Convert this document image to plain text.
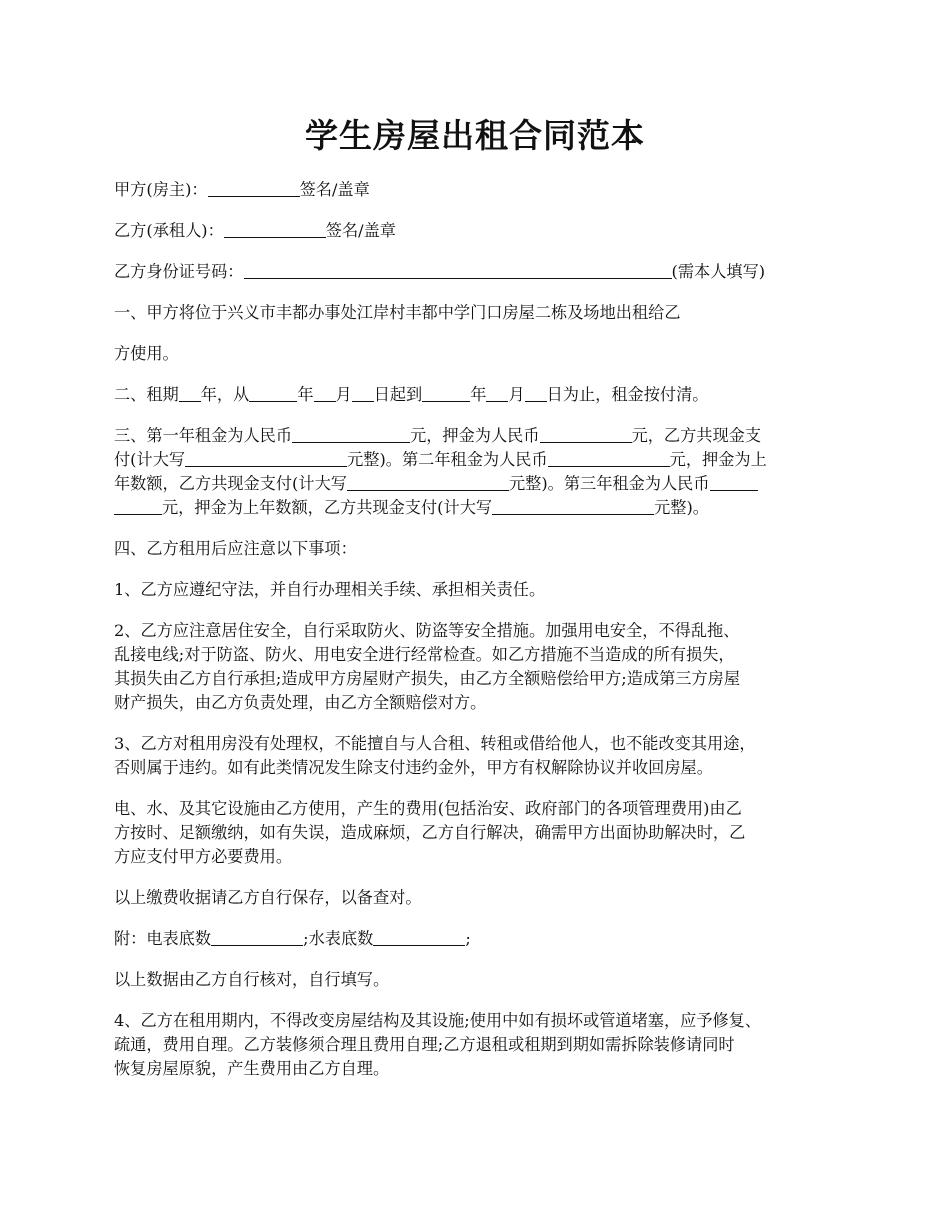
学生房屋出租合同范本

甲方(房主)：	签名/盖章

乙方(承租人)：	签名/盖章

乙方身份证号码：	(需本人填写)

一、甲方将位于兴义市丰都办事处江岸村丰都中学门口房屋二栋及场地出租给乙

方使用。

二、租期 年，从	年 月 日起到	年 月 日为止，租金按付清。

三、第一年租金为人民币	元，押金为人民币	元，乙方共现金支
付(计大写	元整)。第二年租金为人民币	元，押金为上
年数额，乙方共现金支付(计大写	元整)。第三年租金为人民币
元，押金为上年数额，乙方共现金支付(计大写	元整)。

四、乙方租用后应注意以下事项：

1、乙方应遵纪守法，并自行办理相关手续、承担相关责任。

2、乙方应注意居住安全，自行采取防火、防盗等安全措施。加强用电安全，不得乱拖、
乱接电线;对于防盗、防火、用电安全进行经常检查。如乙方措施不当造成的所有损失，
其损失由乙方自行承担;造成甲方房屋财产损失，由乙方全额赔偿给甲方;造成第三方房屋
财产损失，由乙方负责处理，由乙方全额赔偿对方。

3、乙方对租用房没有处理权，不能擅自与人合租、转租或借给他人，也不能改变其用途，
否则属于违约。如有此类情况发生除支付违约金外，甲方有权解除协议并收回房屋。

电、水、及其它设施由乙方使用，产生的费用(包括治安、政府部门的各项管理费用)由乙
方按时、足额缴纳，如有失误，造成麻烦，乙方自行解决，确需甲方出面协助解决时，乙
方应支付甲方必要费用。

以上缴费收据请乙方自行保存，以备查对。

附：电表底数	;水表底数	;

以上数据由乙方自行核对，自行填写。

4、乙方在租用期内，不得改变房屋结构及其设施;使用中如有损坏或管道堵塞，应予修复、
疏通，费用自理。乙方装修须合理且费用自理;乙方退租或租期到期如需拆除装修请同时
恢复房屋原貌，产生费用由乙方自理。
